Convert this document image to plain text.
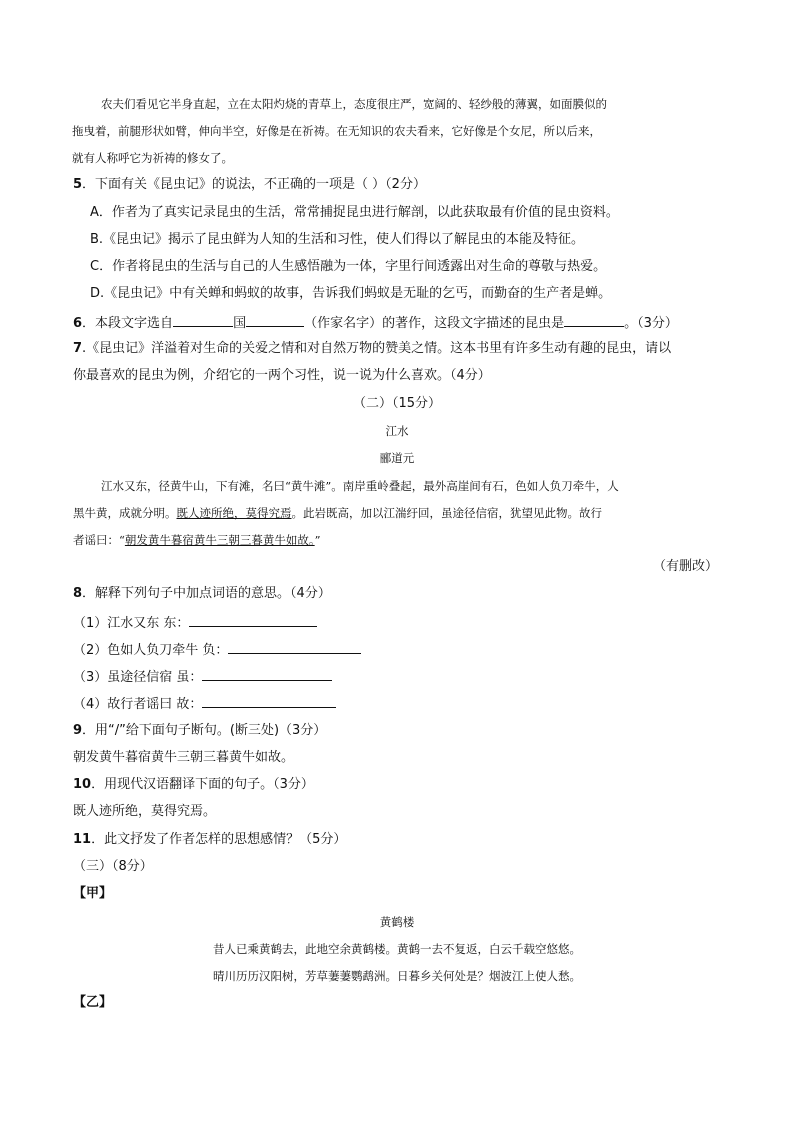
农夫们看见它半身直起，立在太阳灼烧的青草上，态度很庄严，宽阔的、轻纱般的薄翼，如面膜似的
拖曳着，前腿形状如臂，伸向半空，好像是在祈祷。在无知识的农夫看来，它好像是个女尼，所以后来，
就有人称呼它为祈祷的修女了。
5．下面有关《昆虫记》的说法，不正确的一项是（ ）（2分）
A．作者为了真实记录昆虫的生活，常常捕捉昆虫进行解剖，以此获取最有价值的昆虫资料。
B.《昆虫记》揭示了昆虫鲜为人知的生活和习性，使人们得以了解昆虫的本能及特征。
C．作者将昆虫的生活与自己的人生感悟融为一体，字里行间透露出对生命的尊敬与热爱。
D.《昆虫记》中有关蝉和蚂蚁的故事，告诉我们蚂蚁是无耻的乞丐，而勤奋的生产者是蝉。
6．本段文字选自	国	（作家名字）的著作，这段文字描述的昆虫是	。（3分）
7.《昆虫记》洋溢着对生命的关爱之情和对自然万物的赞美之情。这本书里有许多生动有趣的昆虫，请以
你最喜欢的昆虫为例，介绍它的一两个习性，说一说为什么喜欢。（4分）
（二）（15分）
江水
郦道元
江水又东，径黄牛山，下有滩，名曰“黄牛滩”。南岸重岭叠起，最外高崖间有石，色如人负刀牵牛，人
黑牛黄，成就分明。既人迹所绝，莫得究焉。此岩既高，加以江湍纡回，虽途径信宿，犹望见此物。故行
者谣曰：“朝发黄牛暮宿黄牛三朝三暮黄牛如故。”
（有删改）
8．解释下列句子中加点词语的意思。（4分）
（1）江水又东 东：
（2）色如人负刀牵牛 负：
（3）虽途径信宿 虽：
（4）故行者谣曰 故：
9．用“/”给下面句子断句。(断三处)（3分）
朝发黄牛暮宿黄牛三朝三暮黄牛如故。
10．用现代汉语翻译下面的句子。（3分）
既人迹所绝，莫得究焉。
11．此文抒发了作者怎样的思想感情？（5分）
（三）（8分）
【甲】
黄鹤楼
昔人已乘黄鹤去，此地空余黄鹤楼。黄鹤一去不复返，白云千载空悠悠。
晴川历历汉阳树，芳草萋萋鹦鹉洲。日暮乡关何处是？烟波江上使人愁。
【乙】
